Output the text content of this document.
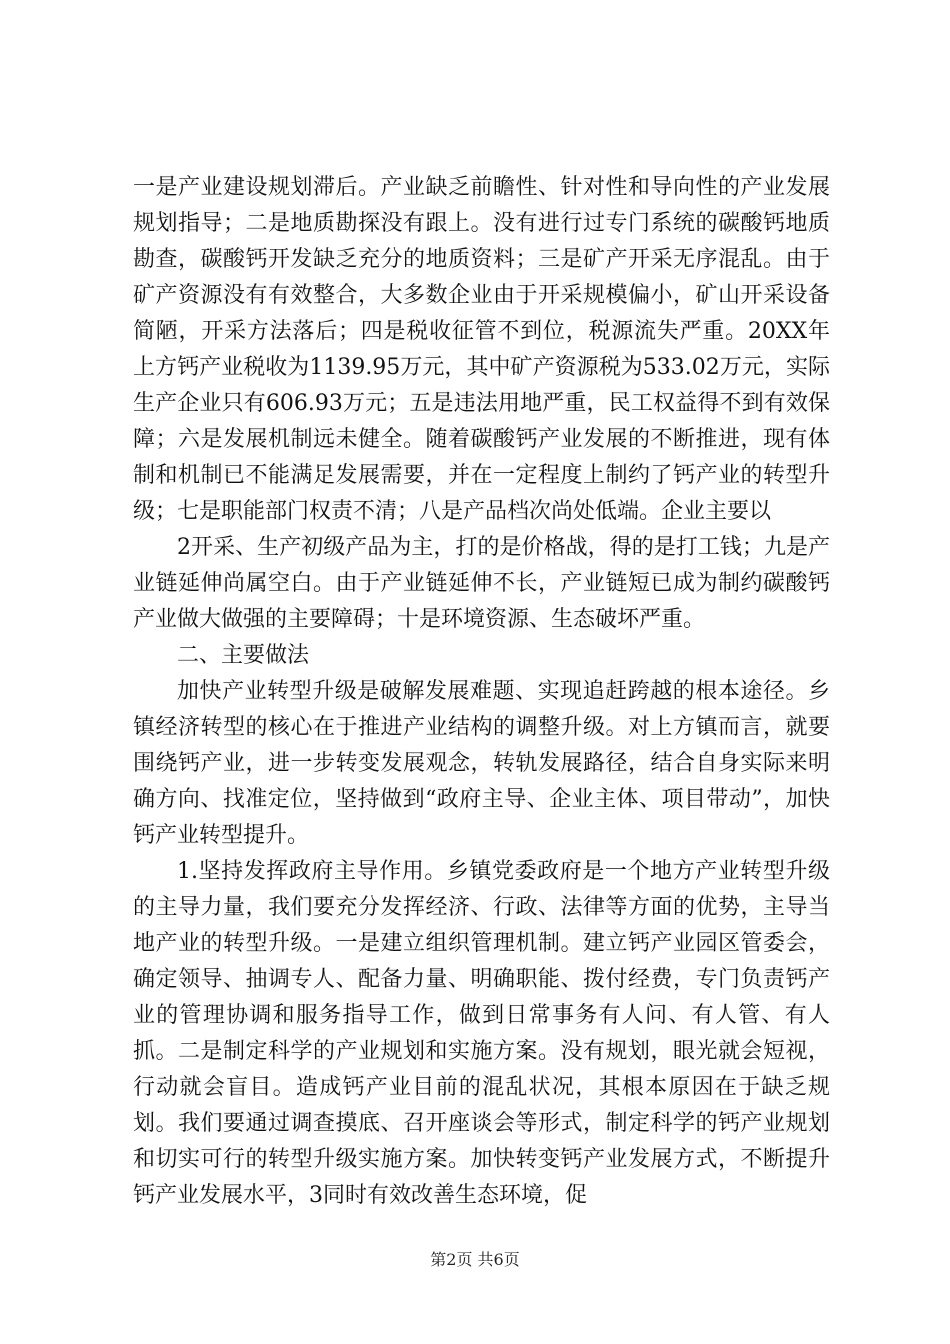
一是产业建设规划滞后。产业缺乏前瞻性、针对性和导向性的产业发展规划指导；二是地质勘探没有跟上。没有进行过专门系统的碳酸钙地质勘查，碳酸钙开发缺乏充分的地质资料；三是矿产开采无序混乱。由于矿产资源没有有效整合，大多数企业由于开采规模偏小，矿山开采设备简陋，开采方法落后；四是税收征管不到位，税源流失严重。20XX年上方钙产业税收为1139.95万元，其中矿产资源税为533.02万元，实际生产企业只有606.93万元；五是违法用地严重，民工权益得不到有效保障；六是发展机制远未健全。随着碳酸钙产业发展的不断推进，现有体制和机制已不能满足发展需要，并在一定程度上制约了钙产业的转型升级；七是职能部门权责不清；八是产品档次尚处低端。企业主要以

2开采、生产初级产品为主，打的是价格战，得的是打工钱；九是产业链延伸尚属空白。由于产业链延伸不长，产业链短已成为制约碳酸钙产业做大做强的主要障碍；十是环境资源、生态破坏严重。

二、主要做法

加快产业转型升级是破解发展难题、实现追赶跨越的根本途径。乡镇经济转型的核心在于推进产业结构的调整升级。对上方镇而言，就要围绕钙产业，进一步转变发展观念，转轨发展路径，结合自身实际来明确方向、找准定位，坚持做到“政府主导、企业主体、项目带动”，加快钙产业转型提升。

1.坚持发挥政府主导作用。乡镇党委政府是一个地方产业转型升级的主导力量，我们要充分发挥经济、行政、法律等方面的优势，主导当地产业的转型升级。一是建立组织管理机制。建立钙产业园区管委会，确定领导、抽调专人、配备力量、明确职能、拨付经费，专门负责钙产业的管理协调和服务指导工作，做到日常事务有人问、有人管、有人抓。二是制定科学的产业规划和实施方案。没有规划，眼光就会短视，行动就会盲目。造成钙产业目前的混乱状况，其根本原因在于缺乏规划。我们要通过调查摸底、召开座谈会等形式，制定科学的钙产业规划和切实可行的转型升级实施方案。加快转变钙产业发展方式，不断提升钙产业发展水平，3同时有效改善生态环境，促

第2页 共6页
